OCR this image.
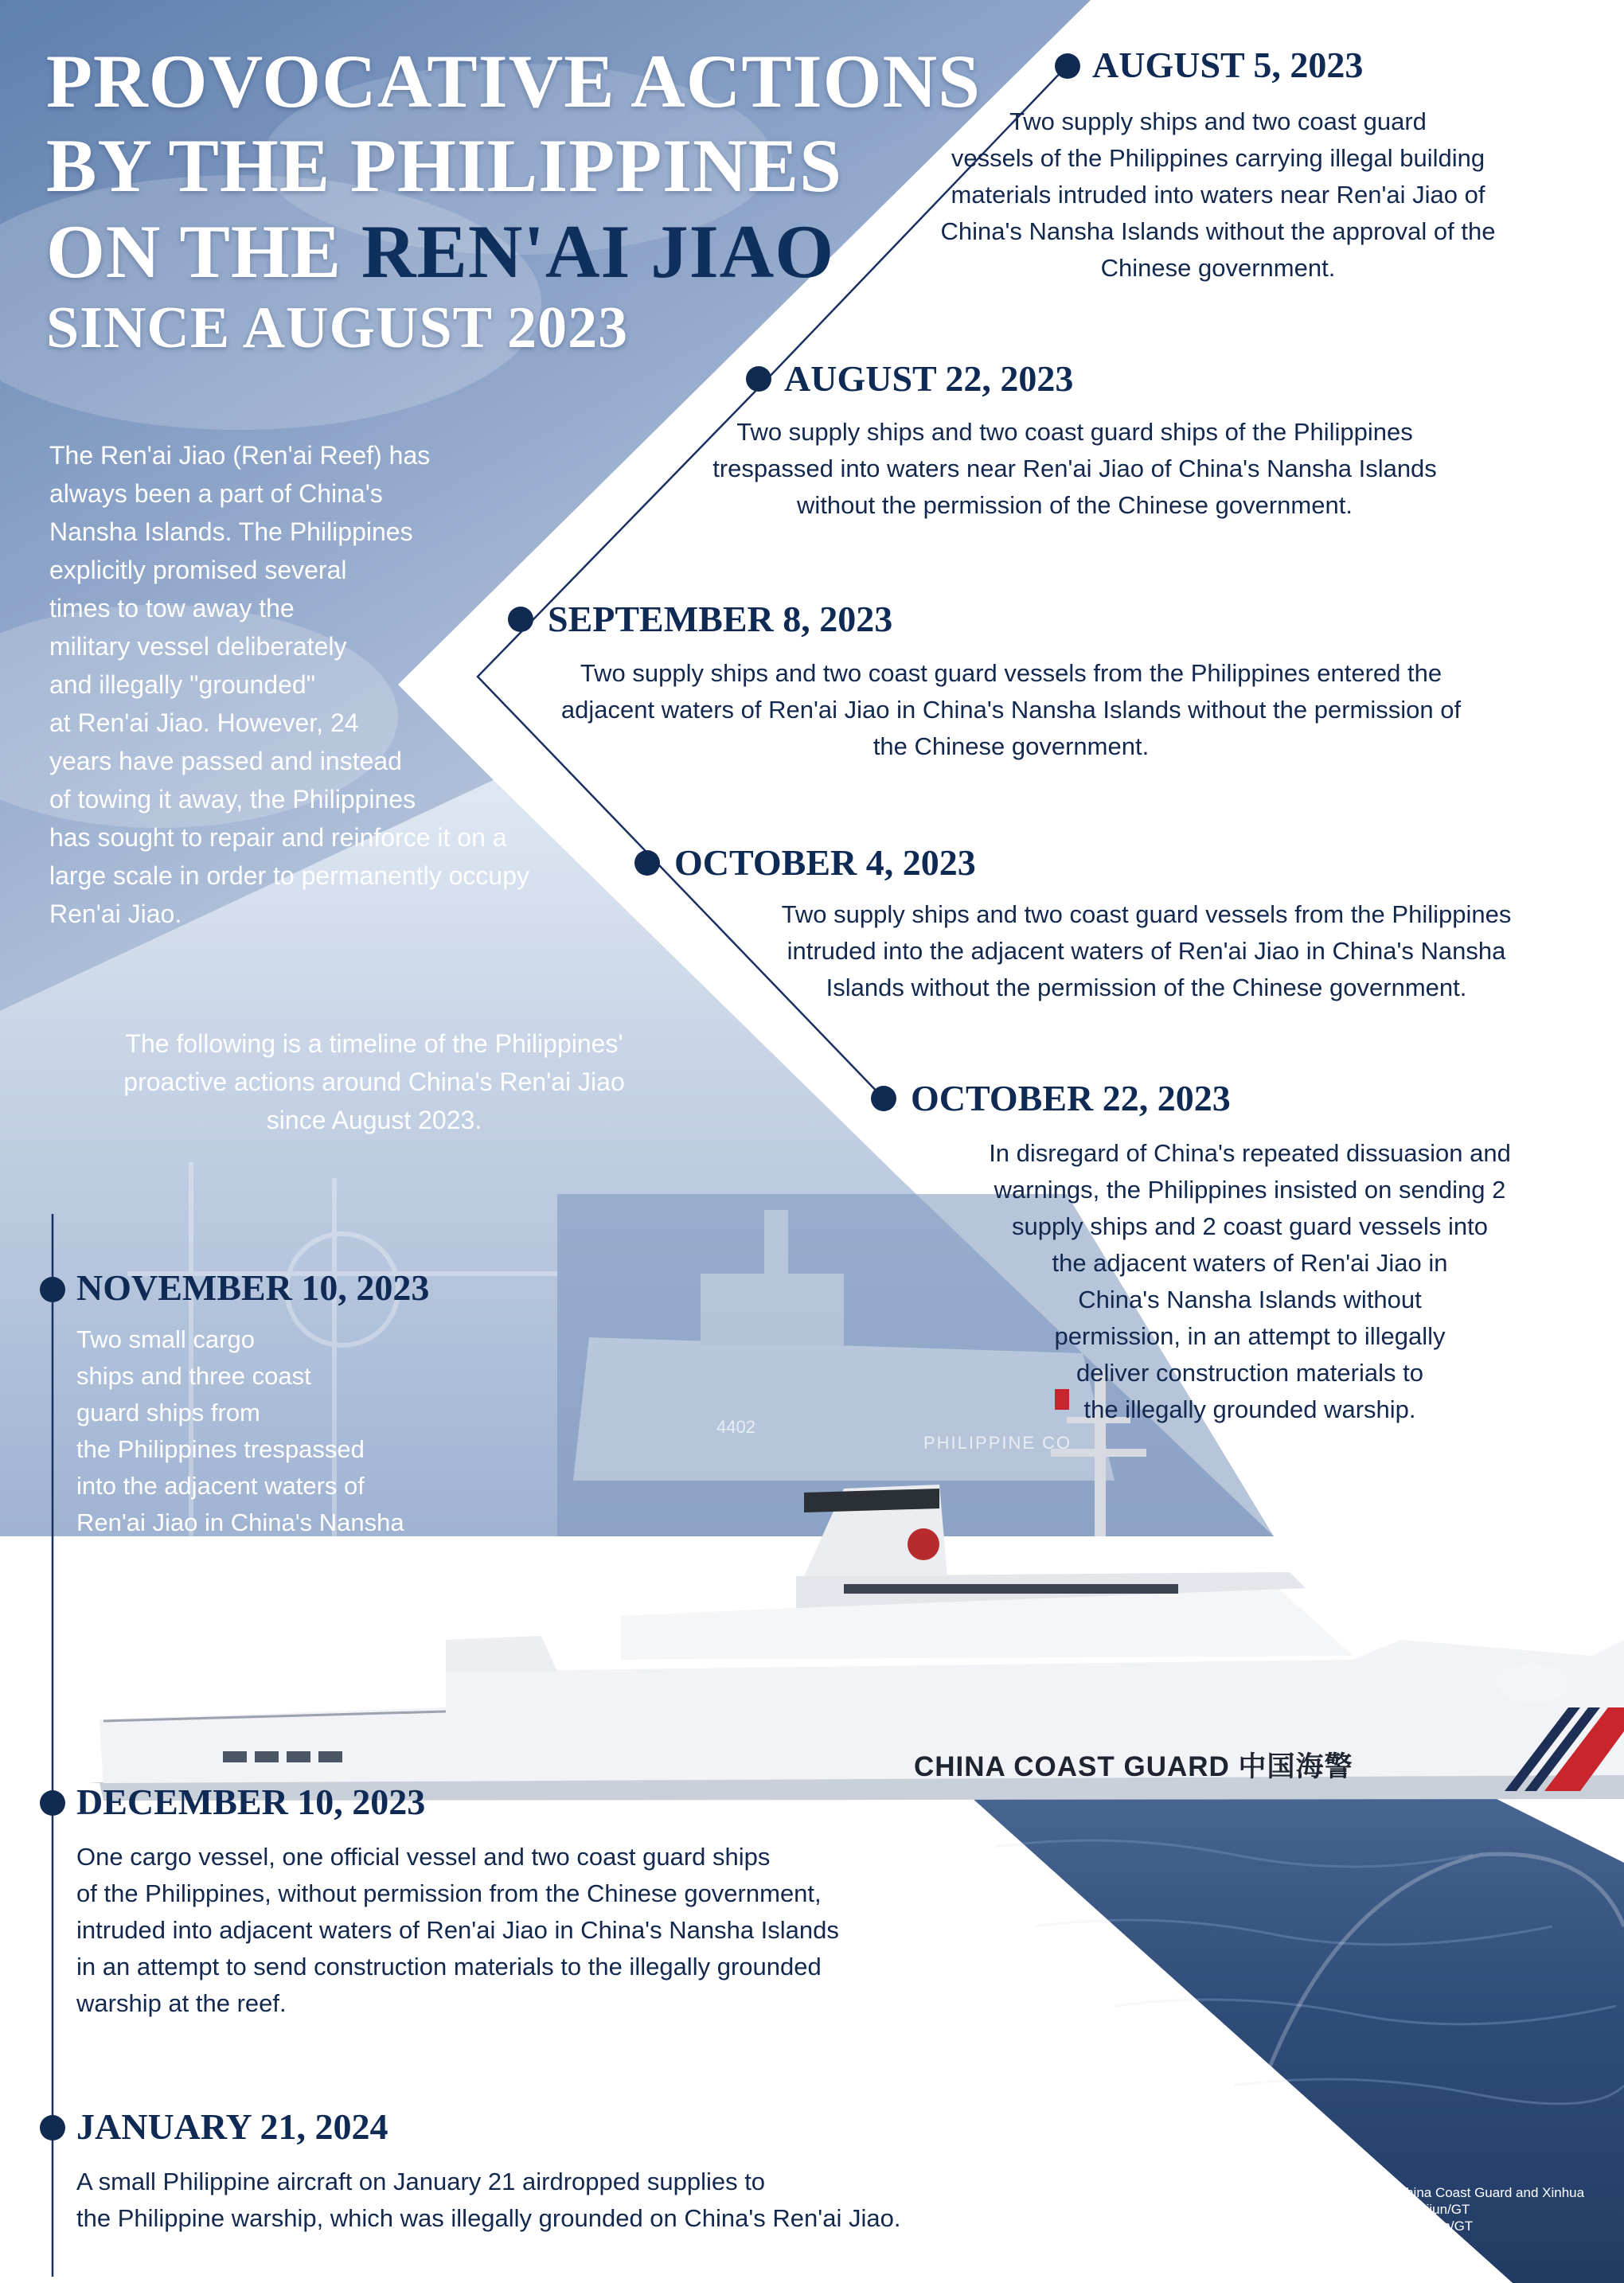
PROVOCATIVE ACTIONS
BY THE PHILIPPINES
ON THE REN'AI JIAO
SINCE AUGUST 2023
The Ren'ai Jiao (Ren'ai Reef) has
always been a part of China's
Nansha Islands. The Philippines
explicitly promised several
times to tow away the
military vessel deliberately
and illegally "grounded"
at Ren'ai Jiao. However, 24
years have passed and instead
of towing it away, the Philippines
has sought to repair and reinforce it on a
large scale in order to permanently occupy
Ren'ai Jiao.
The following is a timeline of the Philippines'
proactive actions around China's Ren'ai Jiao
since August 2023.
AUGUST 5, 2023
Two supply ships and two coast guard
vessels of the Philippines carrying illegal building
materials intruded into waters near Ren'ai Jiao of
China's Nansha Islands without the approval of the
Chinese government.
AUGUST 22, 2023
Two supply ships and two coast guard ships of the Philippines
trespassed into waters near Ren'ai Jiao of China's Nansha Islands
without the permission of the Chinese government.
SEPTEMBER 8, 2023
Two supply ships and two coast guard vessels from the Philippines entered the
adjacent waters of Ren'ai Jiao in China's Nansha Islands without the permission of
the Chinese government.
OCTOBER 4, 2023
Two supply ships and two coast guard vessels from the Philippines
intruded into the adjacent waters of Ren'ai Jiao in China's Nansha
Islands without the permission of the Chinese government.
OCTOBER 22, 2023
In disregard of China's repeated dissuasion and
warnings, the Philippines insisted on sending 2
supply ships and 2 coast guard vessels into
the adjacent waters of Ren'ai Jiao in
China's Nansha Islands without
permission, in an attempt to illegally
deliver construction materials to
the illegally grounded warship.
NOVEMBER 10, 2023
Two small cargo
ships and three coast
guard ships from
the Philippines trespassed
into the adjacent waters of
Ren'ai Jiao in China's Nansha
Islands without the permission of
Chinese government.
DECEMBER 10, 2023
One cargo vessel, one official vessel and two coast guard ships
of the Philippines, without permission from the Chinese government,
intruded into adjacent waters of Ren'ai Jiao in China's Nansha Islands
in an attempt to send construction materials to the illegally grounded
warship at the reef.
JANUARY 21, 2024
A small Philippine aircraft on January 21 airdropped supplies to
the Philippine warship, which was illegally grounded on China's Ren'ai Jiao.
CHINA COAST GUARD 中国海警
4402
PHILIPPINE CO
GLOBAL
TIMES
Sources: China Coast Guard and Xinhua
Editor: Deng Zijun/GT
Graphic: Zhao Jun/GT
